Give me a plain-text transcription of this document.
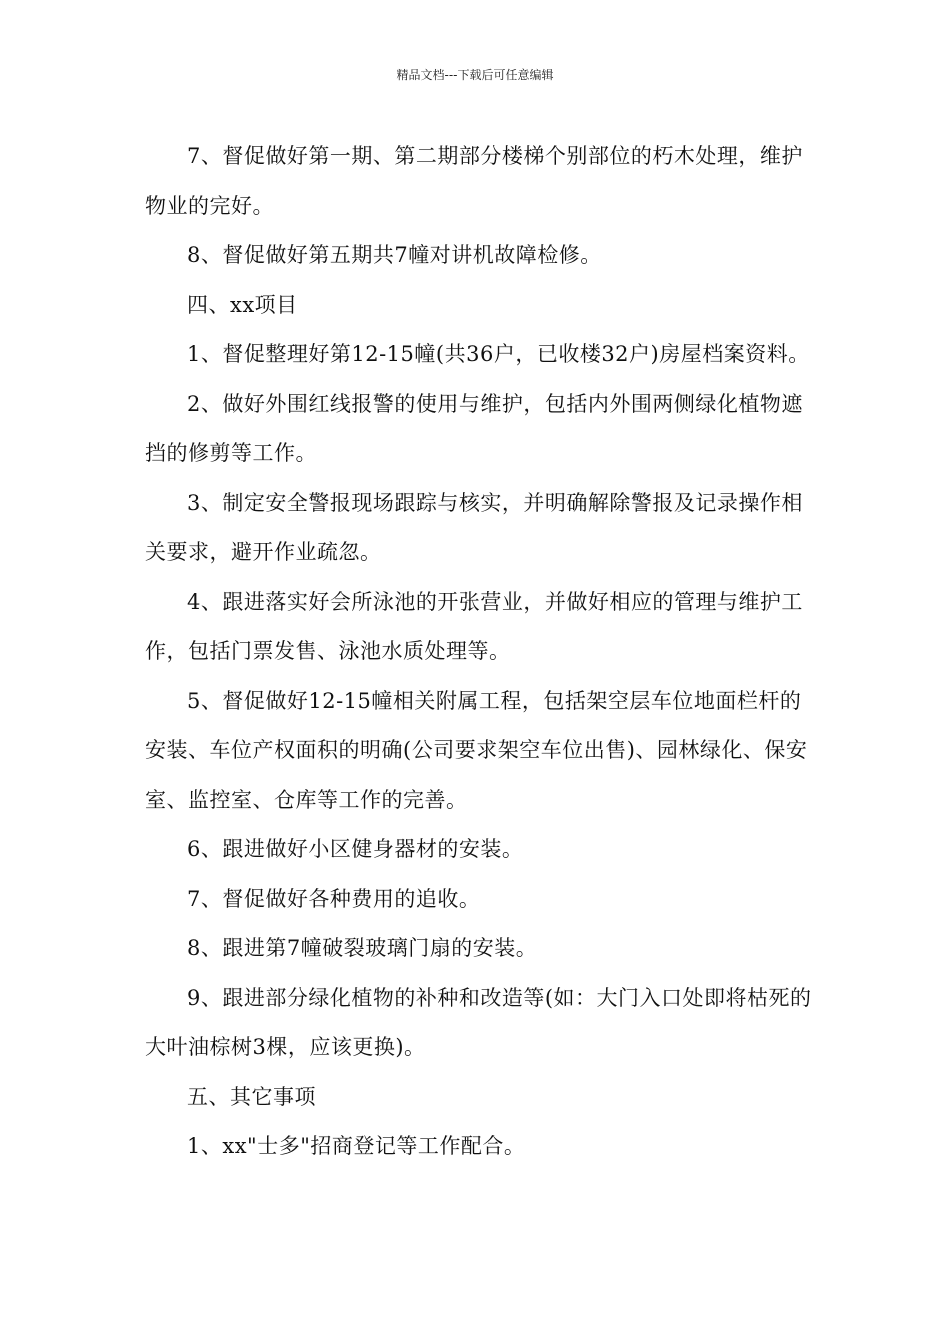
精品文档---下载后可任意编辑

7、督促做好第一期、第二期部分楼梯个别部位的朽木处理，维护物业的完好。

8、督促做好第五期共7幢对讲机故障检修。

四、xx项目

1、督促整理好第12-15幢(共36户，已收楼32户)房屋档案资料。

2、做好外围红线报警的使用与维护，包括内外围两侧绿化植物遮挡的修剪等工作。

3、制定安全警报现场跟踪与核实，并明确解除警报及记录操作相关要求，避开作业疏忽。

4、跟进落实好会所泳池的开张营业，并做好相应的管理与维护工作，包括门票发售、泳池水质处理等。

5、督促做好12-15幢相关附属工程，包括架空层车位地面栏杆的安装、车位产权面积的明确(公司要求架空车位出售)、园林绿化、保安室、监控室、仓库等工作的完善。

6、跟进做好小区健身器材的安装。

7、督促做好各种费用的追收。

8、跟进第7幢破裂玻璃门扇的安装。

9、跟进部分绿化植物的补种和改造等(如：大门入口处即将枯死的大叶油棕树3棵，应该更换)。

五、其它事项

1、xx"士多"招商登记等工作配合。
